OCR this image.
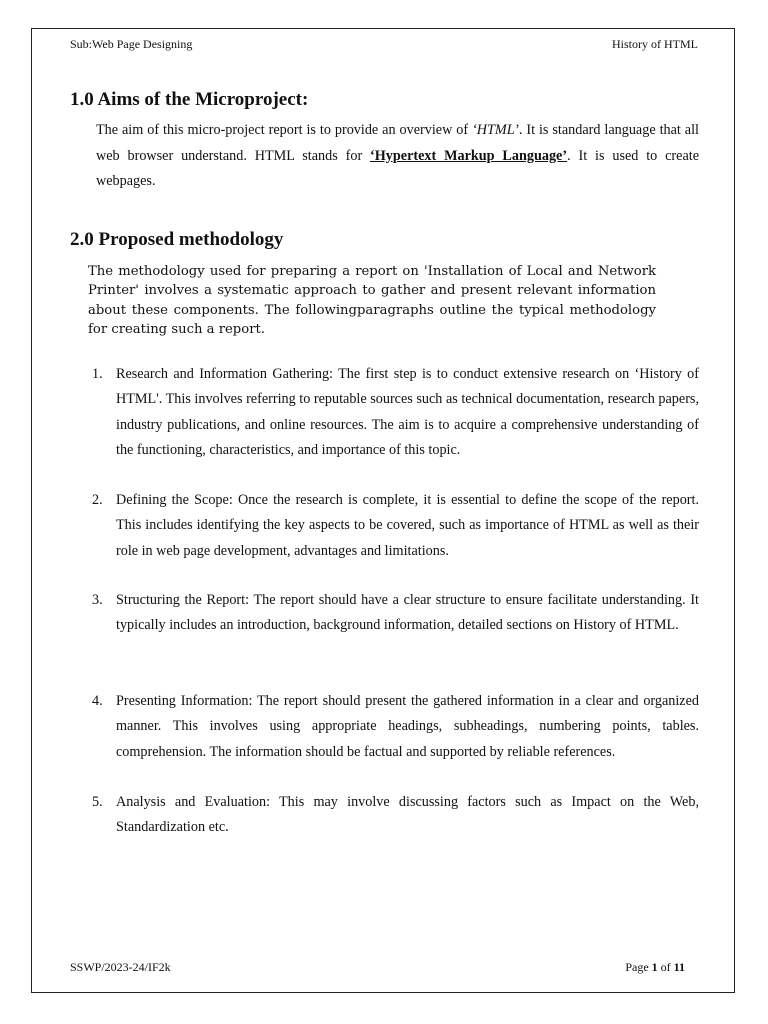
Sub:Web Page Designing	History of HTML
1.0 Aims of the Microproject:

The aim of this micro-project report is to provide an overview of ‘HTML’. It is standard language that all web browser understand. HTML stands for ‘Hypertext Markup Language’. It is used to create webpages.

2.0 Proposed methodology

The methodology used for preparing a report on 'Installation of Local and Network Printer' involves a systematic approach to gather and present relevant information about these components. The followingparagraphs outline the typical methodology for creating such a report.

1. Research and Information Gathering: The first step is to conduct extensive research on ‘History of HTML'. This involves referring to reputable sources such as technical documentation, research papers, industry publications, and online resources. The aim is to acquire a comprehensive understanding of the functioning, characteristics, and importance of this topic.

2. Defining the Scope: Once the research is complete, it is essential to define the scope of the report. This includes identifying the key aspects to be covered, such as importance of HTML as well as their role in web page development, advantages and limitations.

3. Structuring the Report: The report should have a clear structure to ensure facilitate understanding. It typically includes an introduction, background information, detailed sections on History of HTML.

4. Presenting Information: The report should present the gathered information in a clear and organized manner. This involves using appropriate headings, subheadings, numbering points, tables. comprehension. The information should be factual and supported by reliable references.

5. Analysis and Evaluation: This may involve discussing factors such as Impact on the Web, Standardization etc.

SSWP/2023-24/IF2k	Page 1 of 11
